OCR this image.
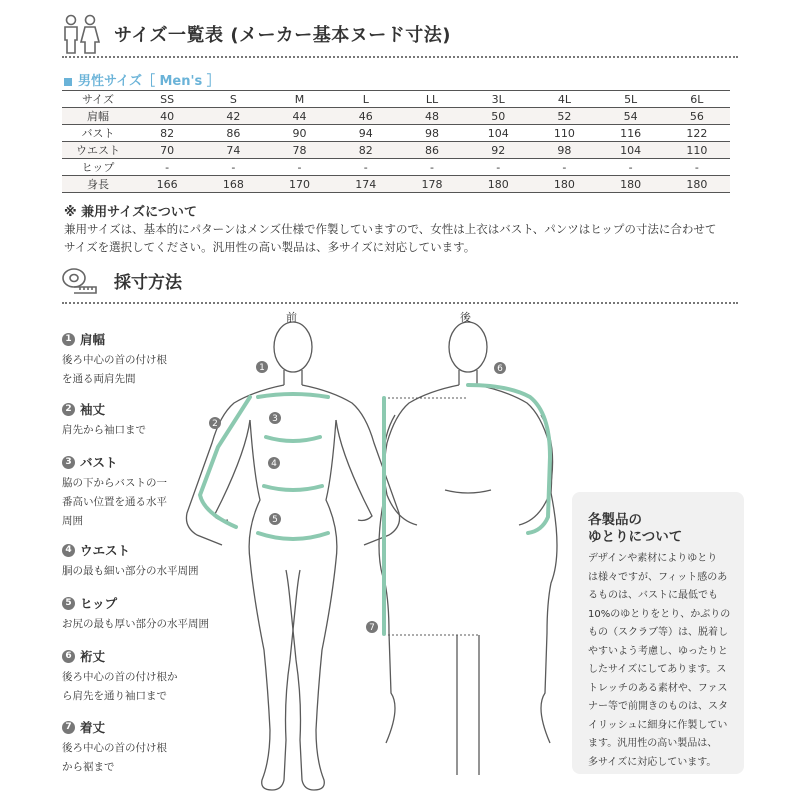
サイズ一覧表 (メーカー基本ヌード寸法)
男性サイズ［ Men's ］
サイズ	SS	S	M	L	LL	3L	4L	5L	6L
肩幅	40	42	44	46	48	50	52	54	56
バスト	82	86	90	94	98	104	110	116	122
ウエスト	70	74	78	82	86	92	98	104	110
ヒップ	-	-	-	-	-	-	-	-	-
身長	166	168	170	174	178	180	180	180	180
※ 兼用サイズについて
兼用サイズは、基本的にパターンはメンズ仕様で作製していますので、女性は上衣はバスト、パンツはヒップの寸法に合わせて
サイズを選択してください。汎用性の高い製品は、多サイズに対応しています。
採寸方法
1 肩幅
後ろ中心の首の付け根
を通る両肩先間
2 袖丈
肩先から袖口まで
3 バスト
脇の下からバストの一
番高い位置を通る水平
周囲
4 ウエスト
胴の最も細い部分の水平周囲
5 ヒップ
お尻の最も厚い部分の水平周囲
6 裄丈
後ろ中心の首の付け根か
ら肩先を通り袖口まで
7 着丈
後ろ中心の首の付け根
から裾まで
1
2	3
4
5
6
7
前	後
各製品の
ゆとりについて
デザインや素材によりゆとり
は様々ですが、フィット感のあ
るものは、バストに最低でも
10%のゆとりをとり、かぶりの
もの（スクラブ等）は、脱着し
やすいよう考慮し、ゆったりと
したサイズにしてあります。ス
トレッチのある素材や、ファス
ナー等で前開きのものは、スタ
イリッシュに細身に作製してい
ます。汎用性の高い製品は、
多サイズに対応しています。
